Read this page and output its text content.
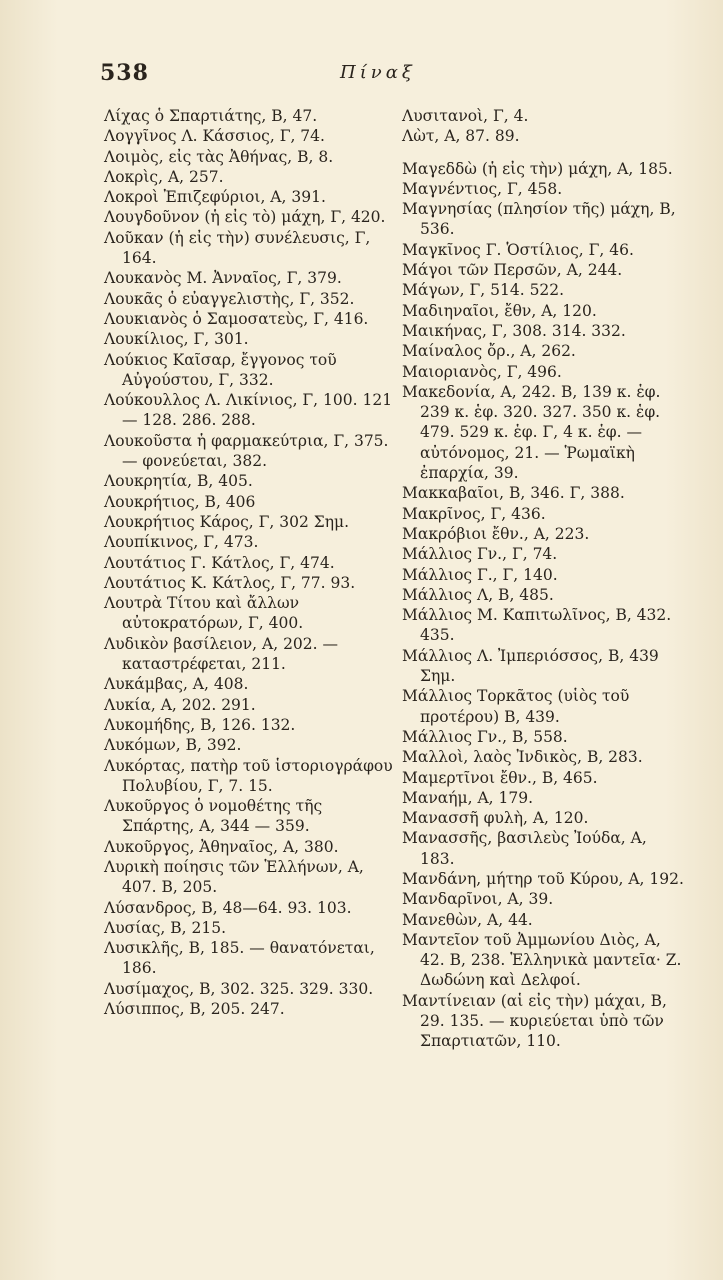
538	Πίναξ

Λίχας ὁ Σπαρτιάτης, Β, 47.

Λογγῖνος Λ. Κάσσιος, Γ, 74.

Λοιμὸς, εἰς τὰς Ἀθήνας, Β, 8.

Λοκρὶς, Α, 257.

Λοκροὶ Ἐπιζεφύριοι, Α, 391.

Λουγδοῦνον (ἡ εἰς τὸ) μάχη, Γ, 420.

Λοῦκαν (ἡ εἰς τὴν) συνέλευσις, Γ, 164.

Λουκανὸς Μ. Ἀνναῖος, Γ, 379.

Λουκᾶς ὁ εὐαγγελιστὴς, Γ, 352.

Λουκιανὸς ὁ Σαμοσατεὺς, Γ, 416.

Λουκίλιος, Γ, 301.

Λούκιος Καῖσαρ, ἔγγονος τοῦ Αὐγούστου, Γ, 332.

Λούκουλλος Λ. Λικίνιος, Γ, 100. 121 — 128. 286. 288.

Λουκοῦστα ἡ φαρμακεύτρια, Γ, 375. — φονεύεται, 382.

Λουκρητία, Β, 405.

Λουκρήτιος, Β, 406

Λουκρήτιος Κάρος, Γ, 302 Σημ.

Λουπίκινος, Γ, 473.

Λουτάτιος Γ. Κάτλος, Γ, 474.

Λουτάτιος Κ. Κάτλος, Γ, 77. 93.

Λουτρὰ Τίτου καὶ ἄλλων αὐτοκρατόρων, Γ, 400.

Λυδικὸν βασίλειον, Α, 202. — καταστρέφεται, 211.

Λυκάμβας, Α, 408.

Λυκία, Α, 202. 291.

Λυκομήδης, Β, 126. 132.

Λυκόμων, Β, 392.

Λυκόρτας, πατὴρ τοῦ ἱστοριογράφου Πολυβίου, Γ, 7. 15.

Λυκοῦργος ὁ νομοθέτης τῆς Σπάρτης, Α, 344 — 359.

Λυκοῦργος, Ἀθηναῖος, Α, 380.

Λυρικὴ ποίησις τῶν Ἑλλήνων, Α, 407. Β, 205.

Λύσανδρος, Β, 48—64. 93. 103.

Λυσίας, Β, 215.

Λυσικλῆς, Β, 185. — θανατόνεται, 186.

Λυσίμαχος, Β, 302. 325. 329. 330.

Λύσιππος, Β, 205. 247.

Λυσιτανοὶ, Γ, 4.

Λὼτ, Α, 87. 89.

Μαγεδδὼ (ἡ εἰς τὴν) μάχη, Α, 185.

Μαγνέντιος, Γ, 458.

Μαγνησίας (πλησίον τῆς) μάχη, Β, 536.

Μαγκῖνος Γ. Ὁστίλιος, Γ, 46.

Μάγοι τῶν Περσῶν, Α, 244.

Μάγων, Γ, 514. 522.

Μαδιηναῖοι, ἔθν, Α, 120.

Μαικήνας, Γ, 308. 314. 332.

Μαίναλος ὄρ., Α, 262.

Μαιοριανὸς, Γ, 496.

Μακεδονία, Α, 242. Β, 139 κ. ἑφ. 239 κ. ἑφ. 320. 327. 350 κ. ἑφ. 479. 529 κ. ἑφ. Γ, 4 κ. ἑφ. — αὐτόνομος, 21. — Ῥωμαϊκὴ ἐπαρχία, 39.

Μακκαβαῖοι, Β, 346. Γ, 388.

Μακρῖνος, Γ, 436.

Μακρόβιοι ἔθν., Α, 223.

Μάλλιος Γν., Γ, 74.

Μάλλιος Γ., Γ, 140.

Μάλλιος Λ, Β, 485.

Μάλλιος Μ. Καπιτωλῖνος, Β, 432. 435.

Μάλλιος Λ. Ἰμπεριόσσος, Β, 439 Σημ.

Μάλλιος Τορκᾶτος (υἱὸς τοῦ προτέρου) Β, 439.

Μάλλιος Γν., Β, 558.

Μαλλοὶ, λαὸς Ἰνδικὸς, Β, 283.

Μαμερτῖνοι ἔθν., Β, 465.

Μαναήμ, Α, 179.

Μανασσῆ φυλὴ, Α, 120.

Μανασσῆς, βασιλεὺς Ἰούδα, Α, 183.

Μανδάνη, μήτηρ τοῦ Κύρου, Α, 192.

Μανδαρῖνοι, Α, 39.

Μανεθὼν, Α, 44.

Μαντεῖον τοῦ Ἀμμωνίου Διὸς, Α, 42. Β, 238. Ἑλληνικὰ μαντεῖα· Ζ. Δωδώνη καὶ Δελφοί.

Μαντίνειαν (αἱ εἰς τὴν) μάχαι, Β, 29. 135. — κυριεύεται ὑπὸ τῶν Σπαρτιατῶν, 110.
